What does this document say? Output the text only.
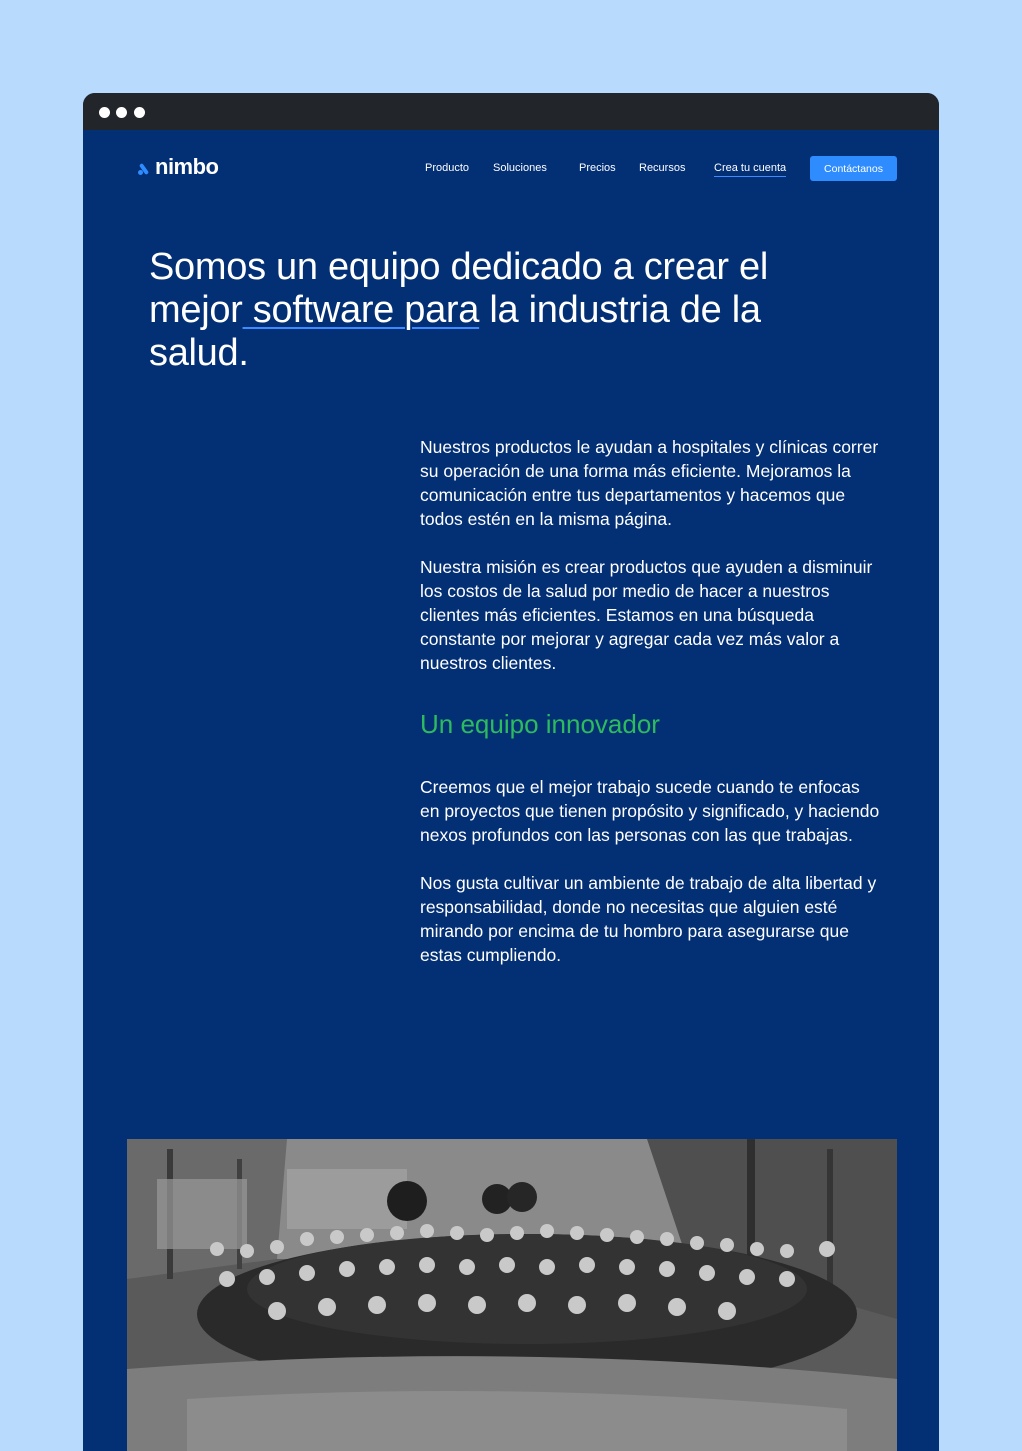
nimbo	Producto Soluciones	Precios Recursos	Crea tu cuenta	Contáctanos
Somos un equipo dedicado a crear el mejor software para la industria de la salud.

Nuestros productos le ayudan a hospitales y clínicas correr su operación de una forma más eficiente. Mejoramos la comunicación entre tus departamentos y hacemos que todos estén en la misma página.

Nuestra misión es crear productos que ayuden a disminuir los costos de la salud por medio de hacer a nuestros clientes más eficientes. Estamos en una búsqueda constante por mejorar y agregar cada vez más valor a nuestros clientes.

Un equipo innovador

Creemos que el mejor trabajo sucede cuando te enfocas en proyectos que tienen propósito y significado, y haciendo nexos profundos con las personas con las que trabajas.

Nos gusta cultivar un ambiente de trabajo de alta libertad y responsabilidad, donde no necesitas que alguien esté mirando por encima de tu hombro para asegurarse que estas cumpliendo.
